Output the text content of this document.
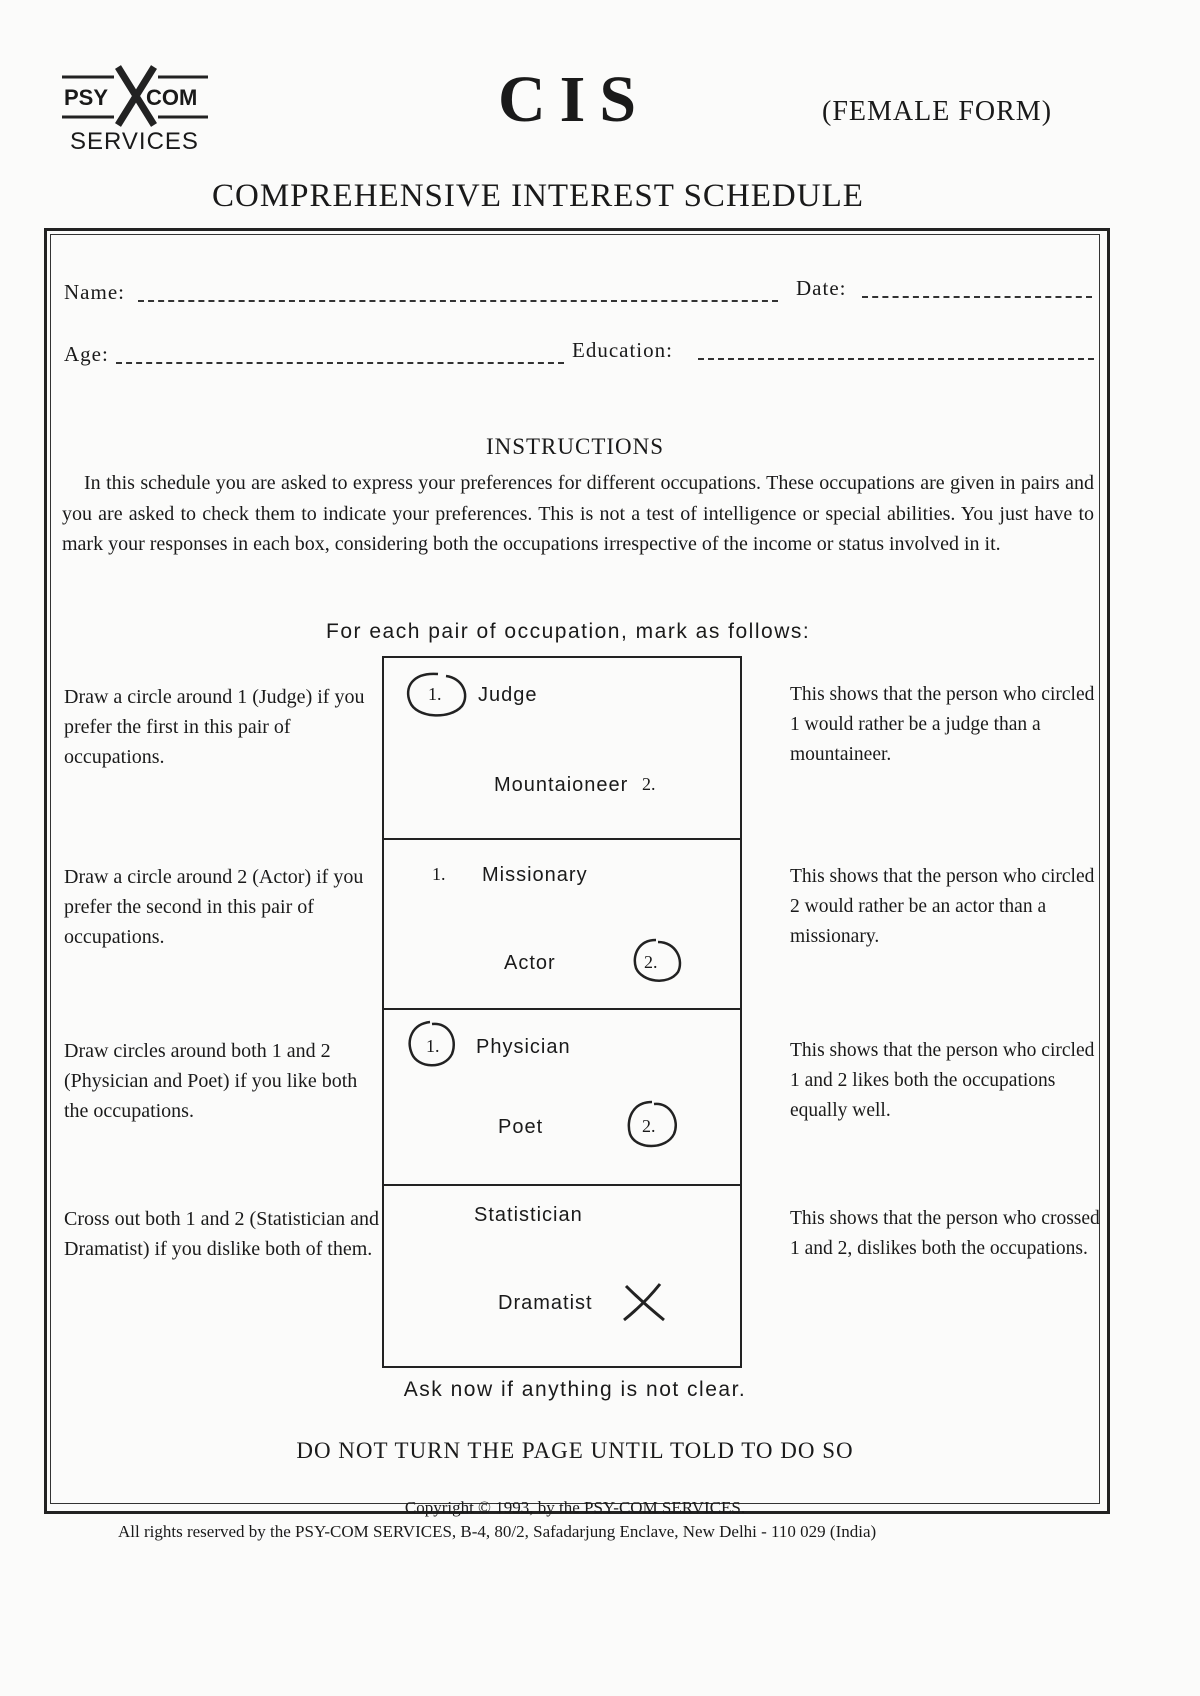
PSY COM
SERVICES
CIS	(FEMALE FORM)
COMPREHENSIVE INTEREST SCHEDULE
Name:	Date:
Age:	Education:
INSTRUCTIONS
In this schedule you are asked to express your preferences for different occupations. These occupations are given in pairs and you are asked to check them to indicate your preferences. This is not a test of intelligence or special abilities. You just have to mark your responses in each box, considering both the occupations irrespective of the income or status involved in it.
For each pair of occupation, mark as follows:
Draw a circle around 1 (Judge) if you prefer the first in this pair of occupations.
This shows that the person who circled 1 would rather be a judge than a mountaineer.
1. Judge
Mountaioneer 2.
Draw a circle around 2 (Actor) if you prefer the second in this pair of occupations.
This shows that the person who circled 2 would rather be an actor than a missionary.
1. Missionary
Actor	2.
Draw circles around both 1 and 2 (Physician and Poet) if you like both the occupations.
This shows that the person who circled 1 and 2 likes both the occupations equally well.
1. Physician
Poet	2.
Cross out both 1 and 2 (Statistician and Dramatist) if you dislike both of them.
This shows that the person who crossed 1 and 2, dislikes both the occupations.
Statistician
Dramatist
Ask now if anything is not clear.
DO NOT TURN THE PAGE UNTIL TOLD TO DO SO
Copyright © 1993, by the PSY-COM SERVICES.
All rights reserved by the PSY-COM SERVICES, B-4, 80/2, Safadarjung Enclave, New Delhi - 110 029 (India)
